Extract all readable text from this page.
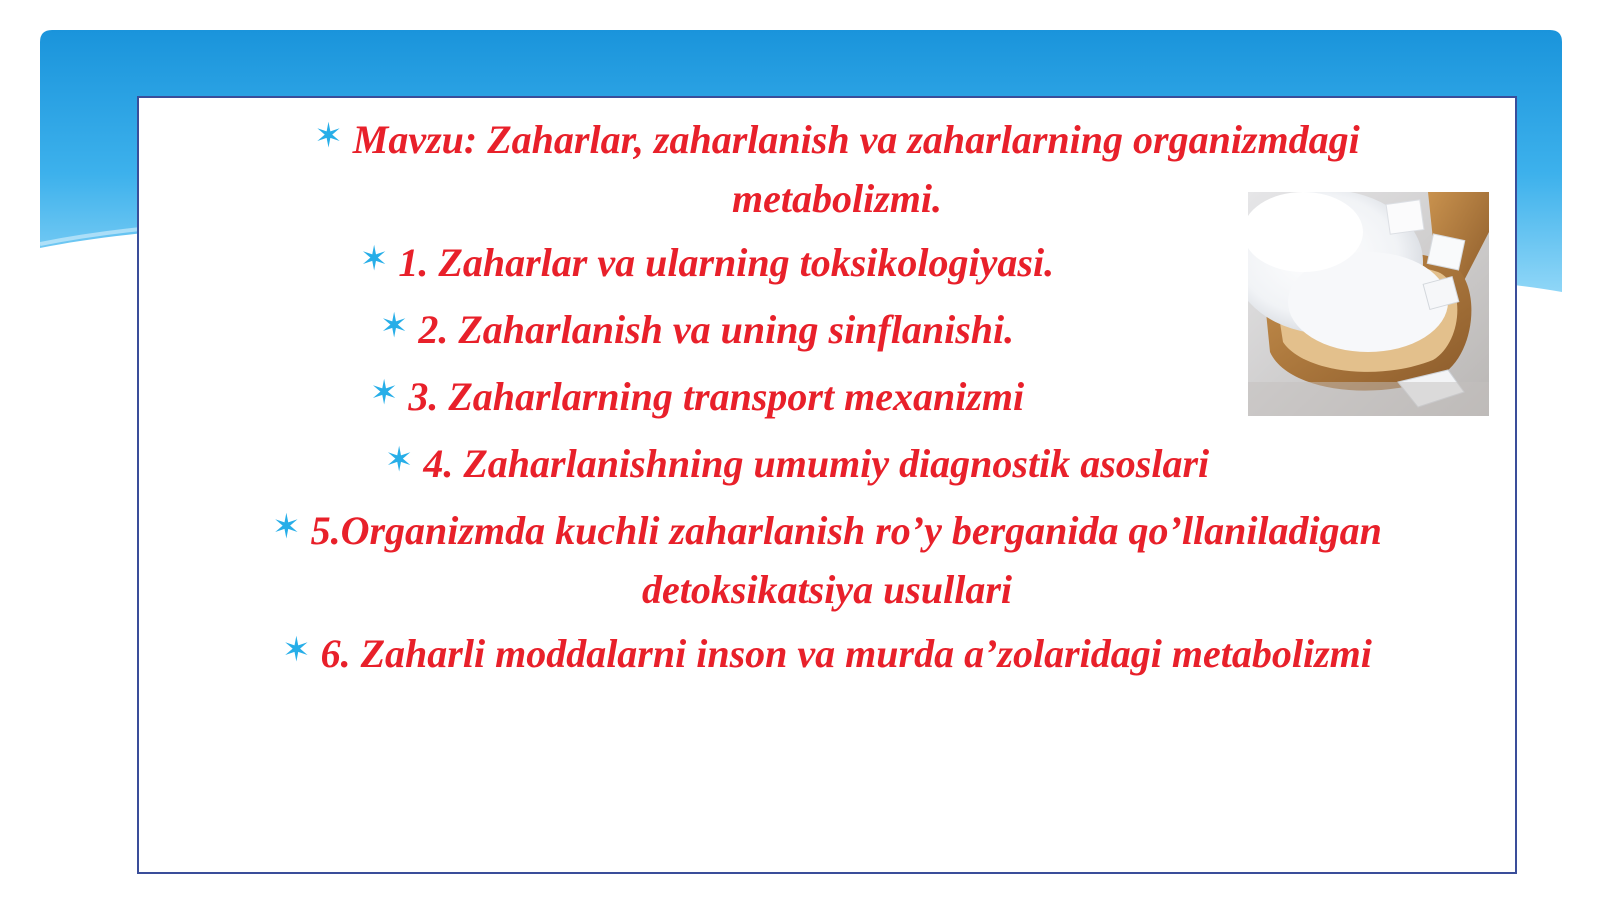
✶ Mavzu: Zaharlar, zaharlanish va zaharlarning organizmdagi metabolizmi.
✶ 1. Zaharlar va ularning toksikologiyasi.
✶ 2. Zaharlanish va uning sinflanishi.
✶ 3. Zaharlarning transport mexanizmi
✶ 4. Zaharlanishning umumiy diagnostik asoslari
✶ 5.Organizmda kuchli zaharlanish ro’y berganida qo’llaniladigan detoksikatsiya usullari
✶ 6. Zaharli moddalarni inson va murda a’zolaridagi metabolizmi
